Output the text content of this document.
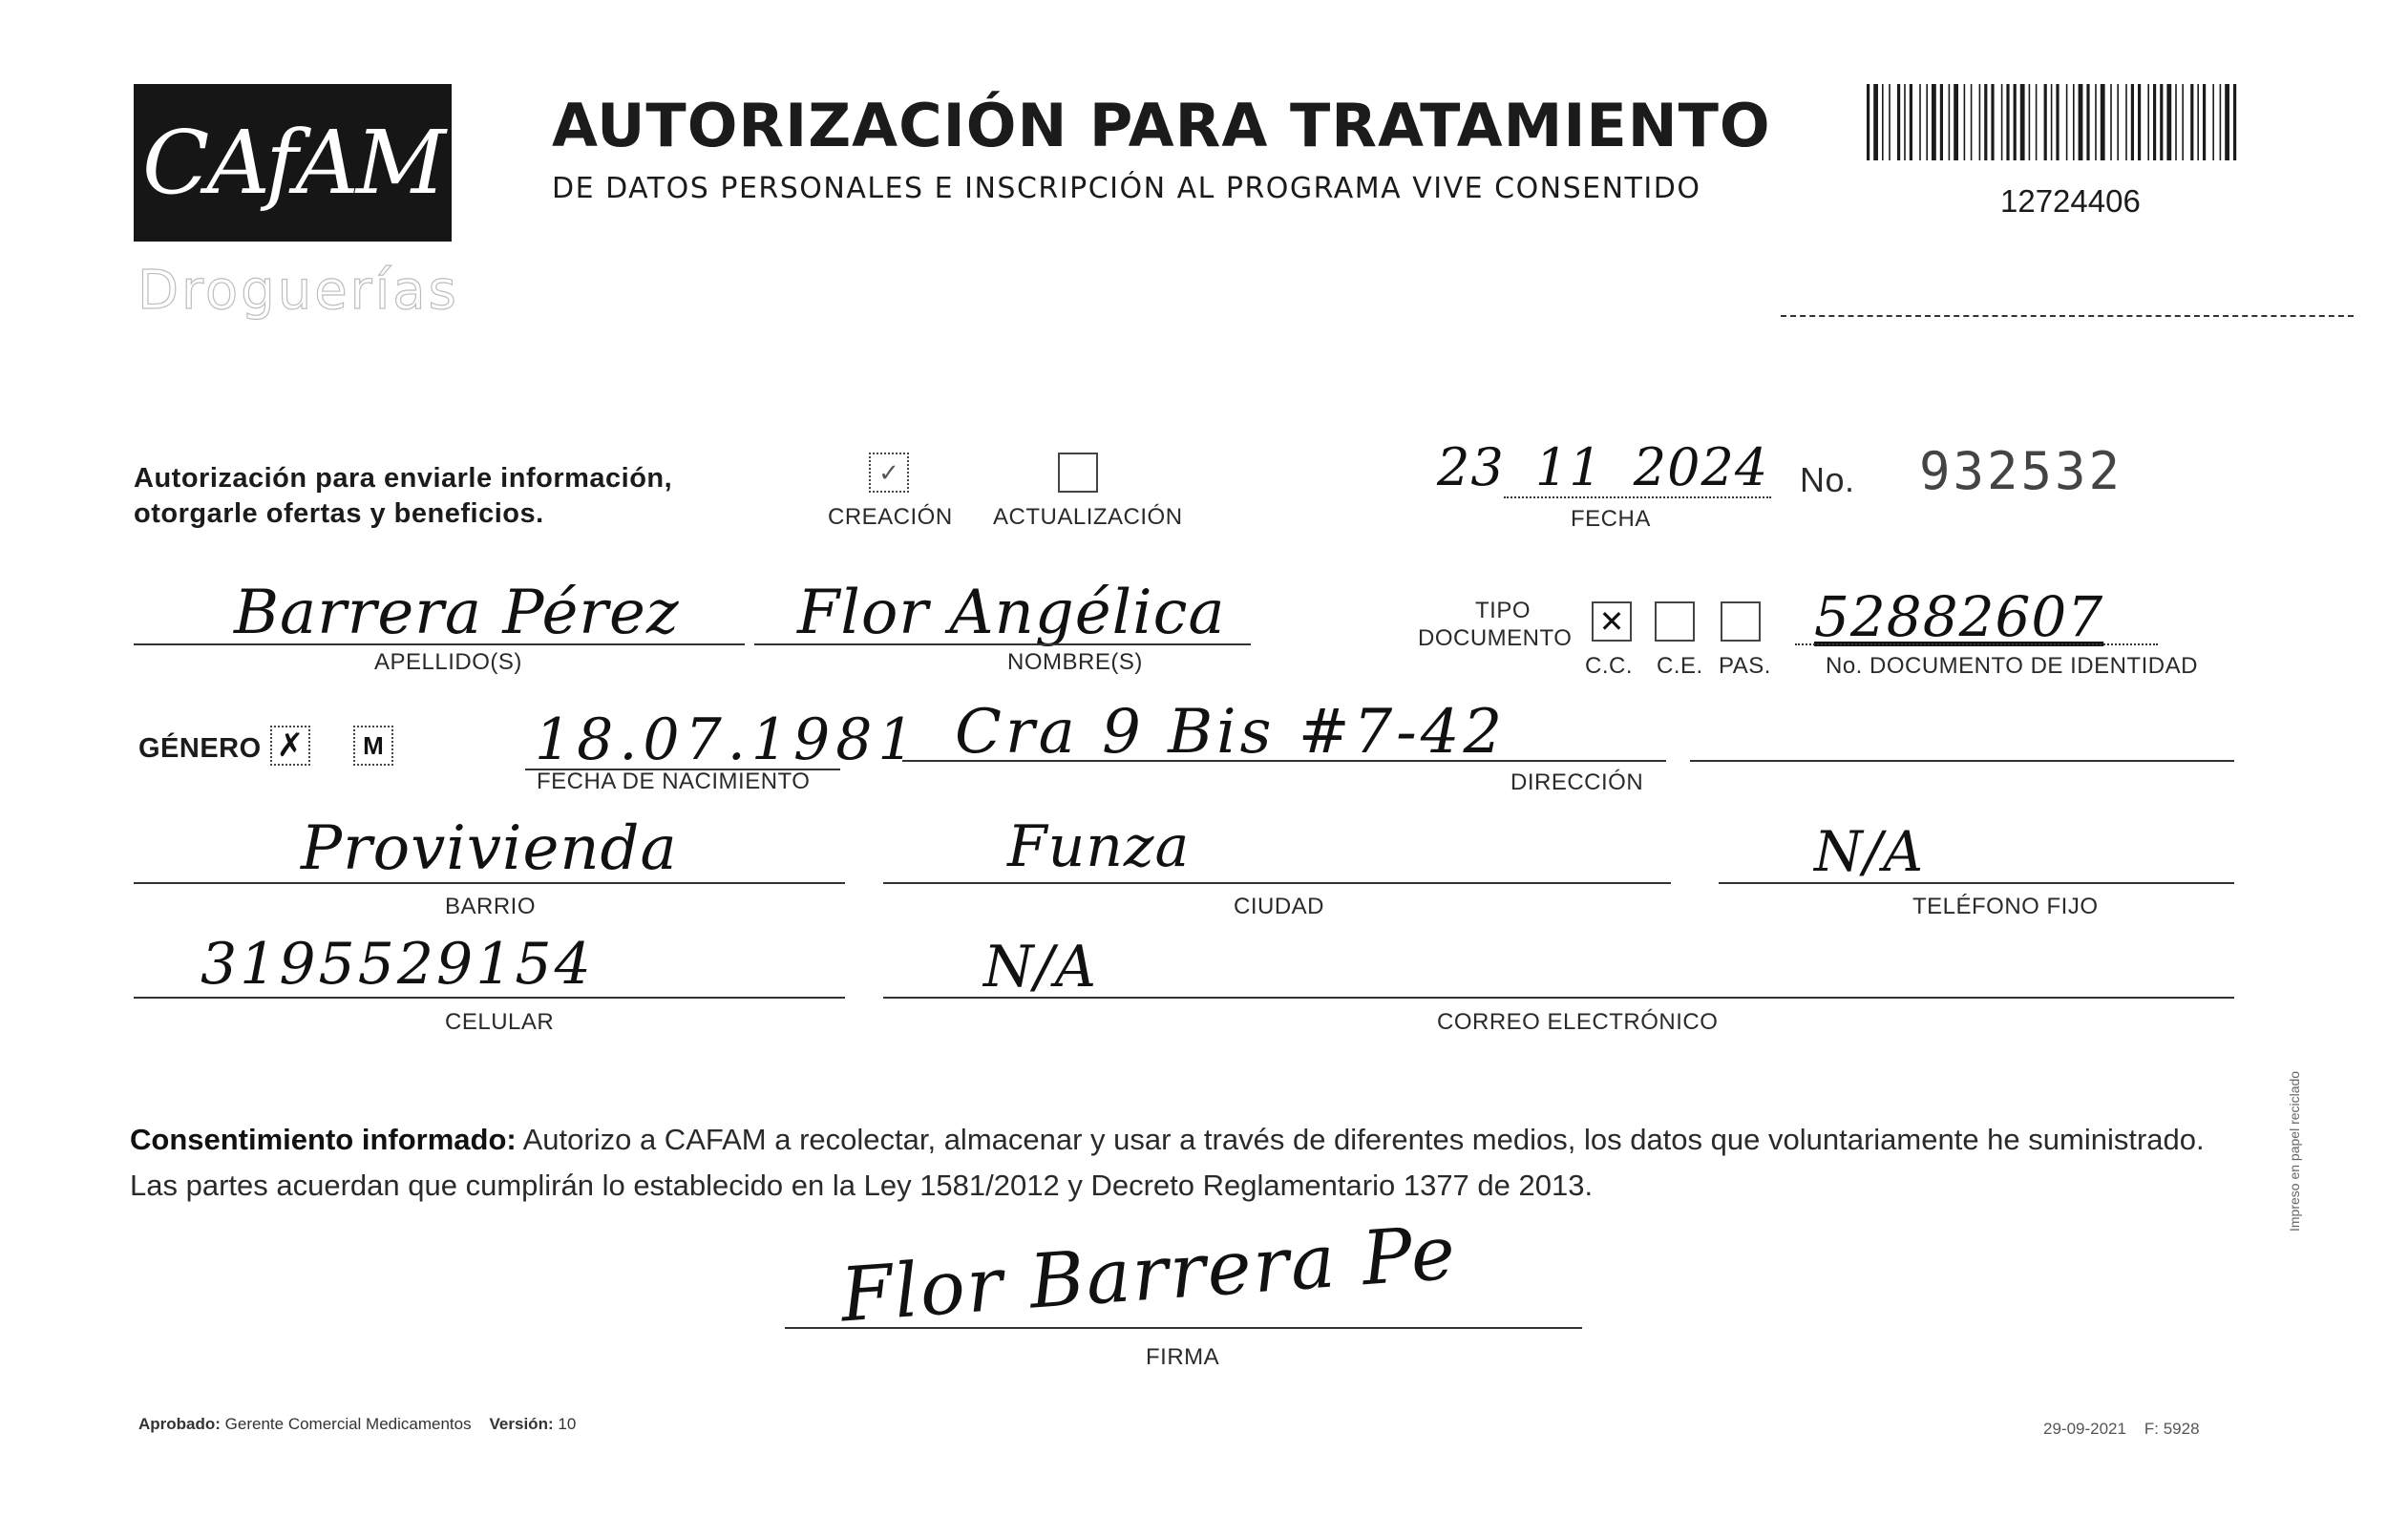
CAfAM
Droguerías
AUTORIZACIÓN PARA TRATAMIENTO
DE DATOS PERSONALES E INSCRIPCIÓN AL PROGRAMA VIVE CONSENTIDO	12724406
Autorización para enviarle información,
otorgarle ofertas y beneficios.
✓
CREACIÓN ACTUALIZACIÓN
23 11 2024
FECHA
No. 932532
Barrera Pérez
APELLIDO(S)
Flor Angélica
NOMBRE(S)
TIPO
DOCUMENTO ✕
C.C. C.E. PAS.
52882607
No. DOCUMENTO DE IDENTIDAD
GÉNERO ✗ M	18.07.1981
FECHA DE NACIMIENTO
Cra 9 Bis #7-42
DIRECCIÓN
Provivienda
BARRIO
Funza
CIUDAD
N/A
TELÉFONO FIJO
3195529154
CELULAR
N/A
CORREO ELECTRÓNICO
Consentimiento informado: Autorizo a CAFAM a recolectar, almacenar y usar a través de diferentes medios, los datos que voluntariamente he suministrado.
Las partes acuerdan que cumplirán lo establecido en la Ley 1581/2012 y Decreto Reglamentario 1377 de 2013.
Flor Barrera Pe
FIRMA
Aprobado: Gerente Comercial Medicamentos Versión: 10	29-09-2021 F: 5928
Impreso en papel reciclado
